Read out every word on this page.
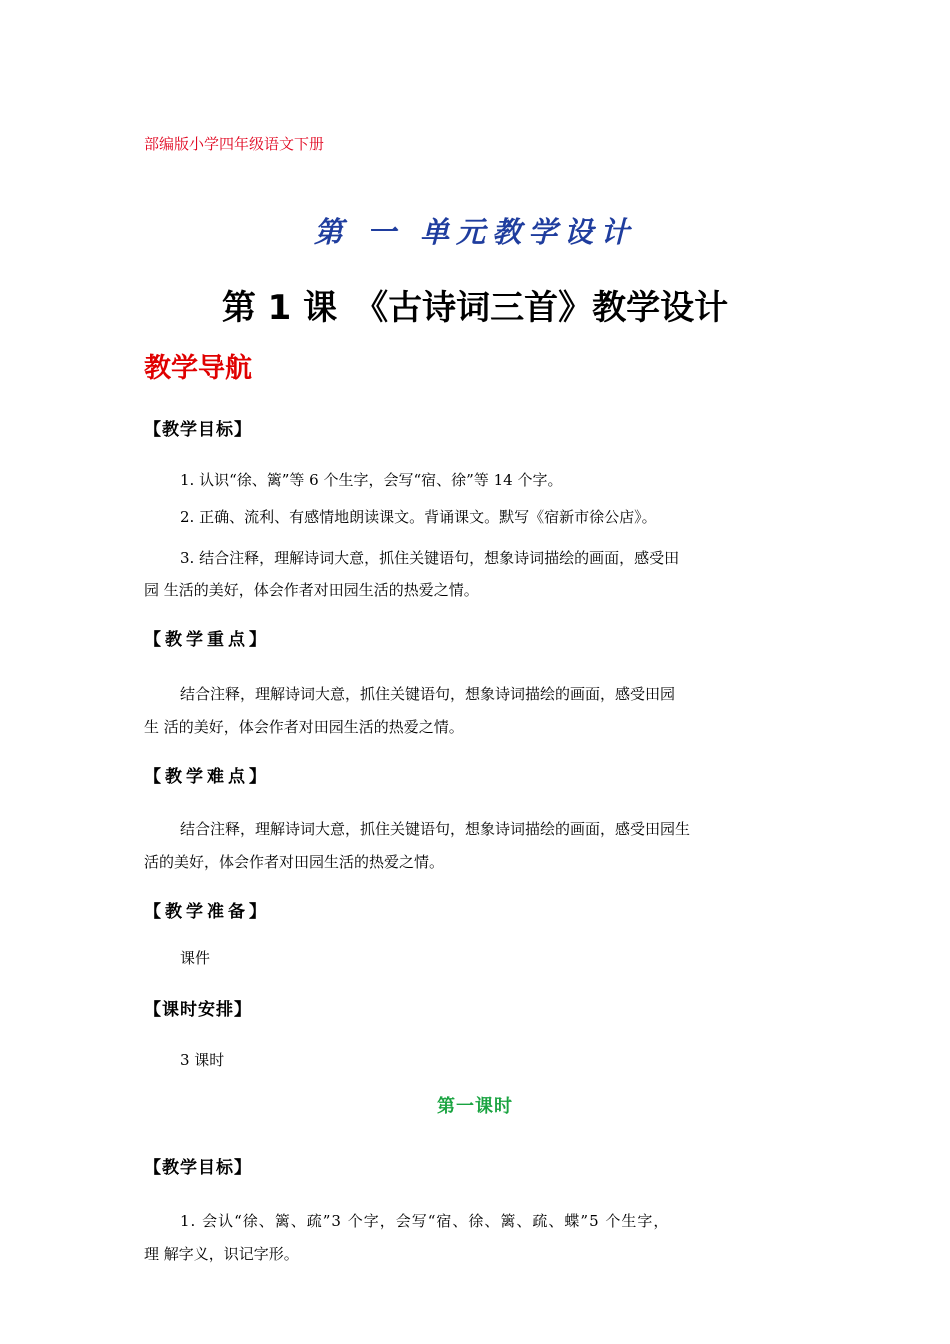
部编版小学四年级语文下册
第 一 单元教学设计
第 1 课　《古诗词三首》教学设计
教学导航
【教学目标】
1. 认识“徐、篱”等 6 个生字，会写“宿、徐”等 14 个字。
2. 正确、流利、有感情地朗读课文。背诵课文。默写《宿新市徐公店》。
3. 结合注释，理解诗词大意，抓住关键语句，想象诗词描绘的画面，感受田
园 生活的美好，体会作者对田园生活的热爱之情。
【教学重点】
结合注释，理解诗词大意，抓住关键语句，想象诗词描绘的画面，感受田园
生 活的美好，体会作者对田园生活的热爱之情。
【教学难点】
结合注释，理解诗词大意，抓住关键语句，想象诗词描绘的画面，感受田园生
活的美好，体会作者对田园生活的热爱之情。
【教学准备】
课件
【课时安排】
3 课时
第一课时
【教学目标】
1. 会认“徐、篱、疏”3 个字，会写“宿、徐、篱、疏、蝶”5 个生字，
理 解字义，识记字形。
